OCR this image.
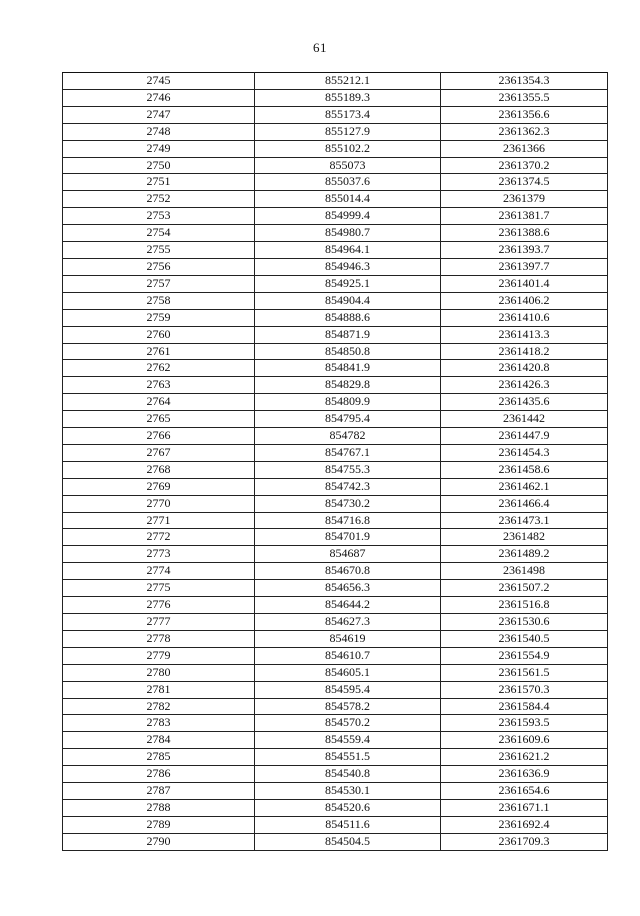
61
2745	855212.1	2361354.3
2746	855189.3	2361355.5
2747	855173.4	2361356.6
2748	855127.9	2361362.3
2749	855102.2	2361366
2750	855073	2361370.2
2751	855037.6	2361374.5
2752	855014.4	2361379
2753	854999.4	2361381.7
2754	854980.7	2361388.6
2755	854964.1	2361393.7
2756	854946.3	2361397.7
2757	854925.1	2361401.4
2758	854904.4	2361406.2
2759	854888.6	2361410.6
2760	854871.9	2361413.3
2761	854850.8	2361418.2
2762	854841.9	2361420.8
2763	854829.8	2361426.3
2764	854809.9	2361435.6
2765	854795.4	2361442
2766	854782	2361447.9
2767	854767.1	2361454.3
2768	854755.3	2361458.6
2769	854742.3	2361462.1
2770	854730.2	2361466.4
2771	854716.8	2361473.1
2772	854701.9	2361482
2773	854687	2361489.2
2774	854670.8	2361498
2775	854656.3	2361507.2
2776	854644.2	2361516.8
2777	854627.3	2361530.6
2778	854619	2361540.5
2779	854610.7	2361554.9
2780	854605.1	2361561.5
2781	854595.4	2361570.3
2782	854578.2	2361584.4
2783	854570.2	2361593.5
2784	854559.4	2361609.6
2785	854551.5	2361621.2
2786	854540.8	2361636.9
2787	854530.1	2361654.6
2788	854520.6	2361671.1
2789	854511.6	2361692.4
2790	854504.5	2361709.3
